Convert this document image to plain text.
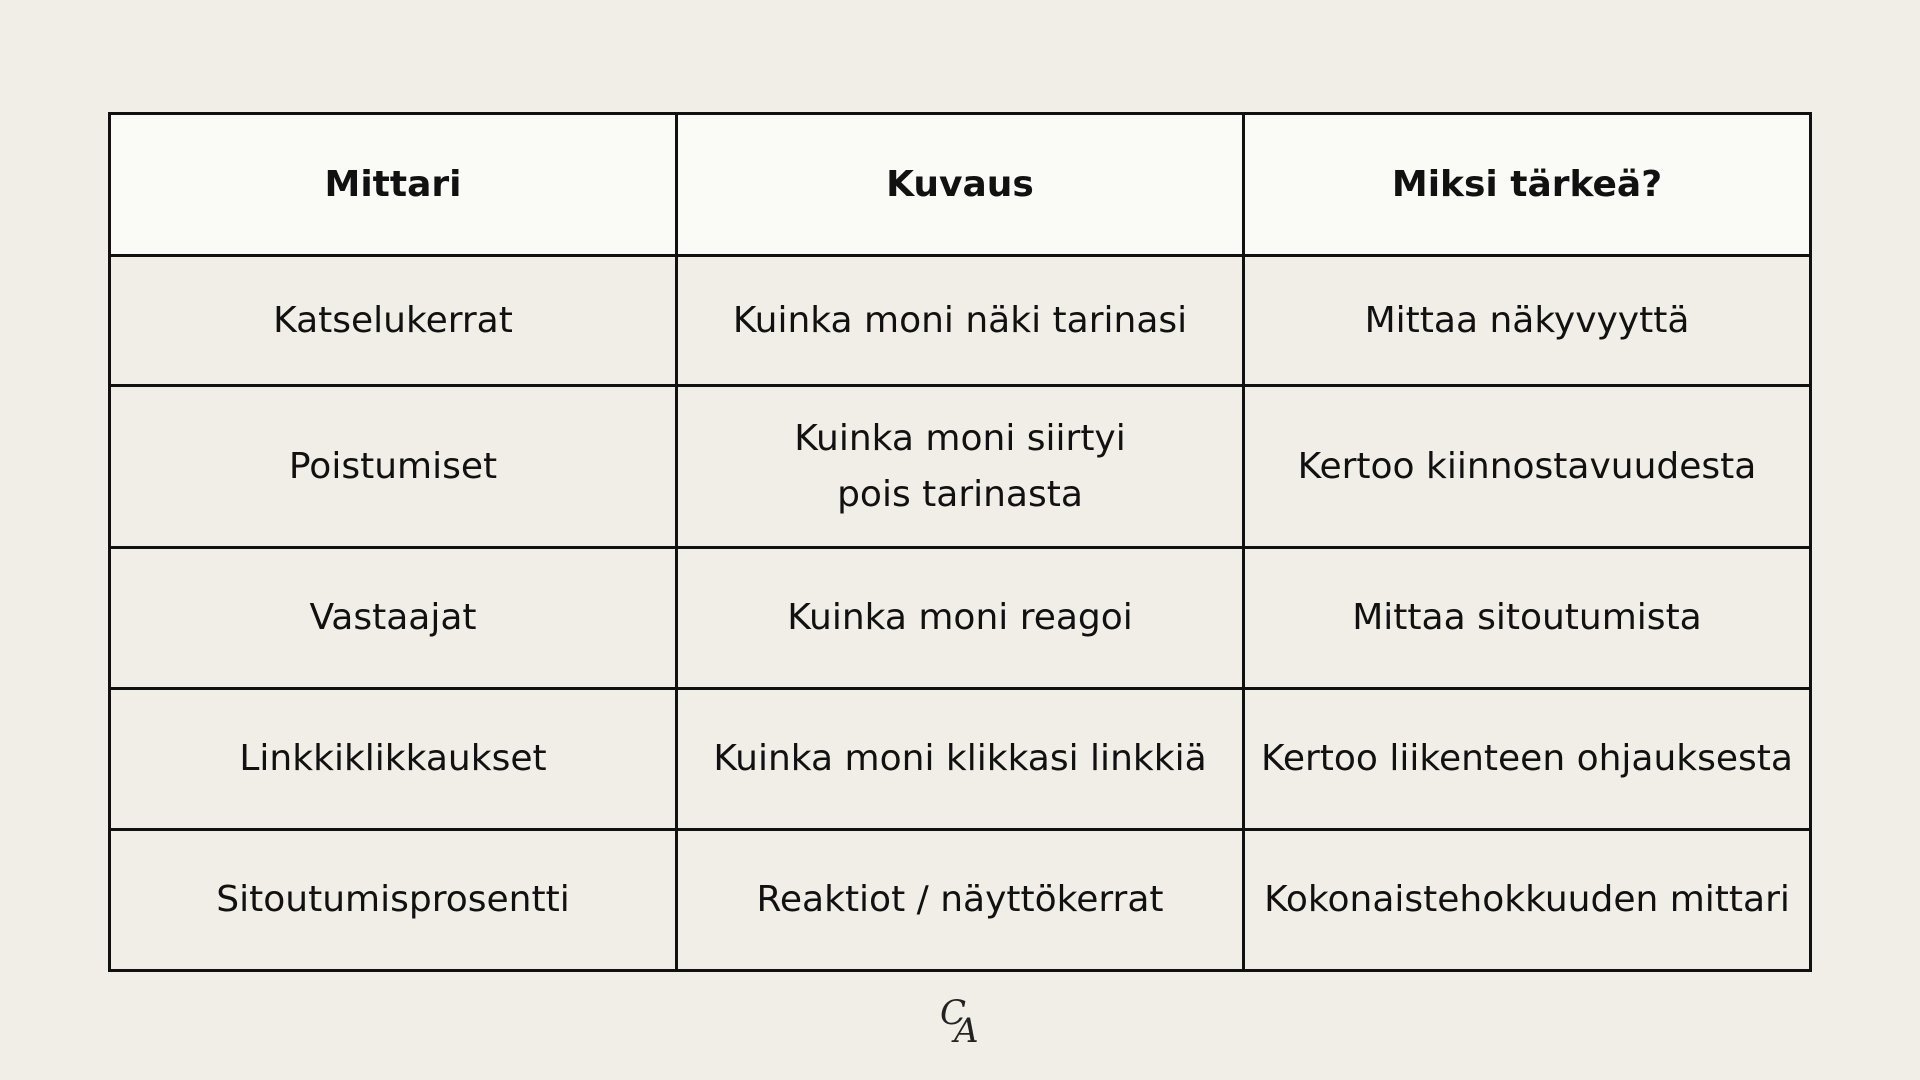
Mittari	Kuvaus	Miksi tärkeä?
Katselukerrat	Kuinka moni näki tarinasi	Mittaa näkyvyyttä
Poistumiset	Kuinka moni siirtyi pois tarinasta	Kertoo kiinnostavuudesta
Vastaajat	Kuinka moni reagoi	Mittaa sitoutumista
Linkkiklikkaukset	Kuinka moni klikkasi linkkiä	Kertoo liikenteen ohjauksesta
Sitoutumisprosentti	Reaktiot / näyttökerrat	Kokonaistehokkuuden mittari
C
A
